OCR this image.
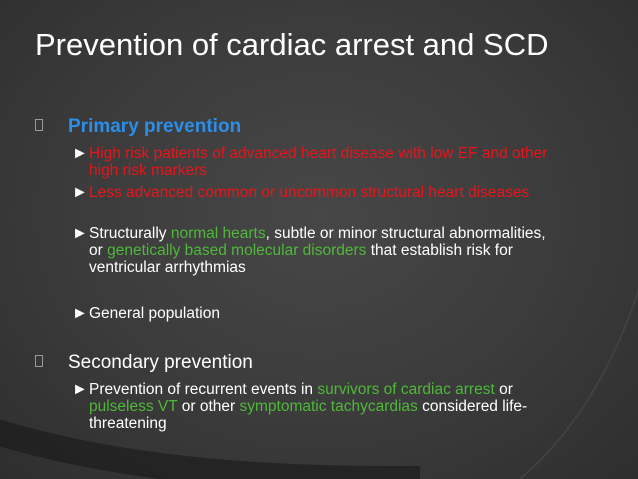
Prevention of cardiac arrest and SCD
Primary prevention
► High risk patients of advanced heart disease with low EF and other high risk markers
► Less advanced common or uncommon structural heart diseases
► Structurally normal hearts, subtle or minor structural abnormalities, or genetically based molecular disorders that establish risk for ventricular arrhythmias
► General population
Secondary prevention
► Prevention of recurrent events in survivors of cardiac arrest or pulseless VT or other symptomatic tachycardias considered life-threatening
